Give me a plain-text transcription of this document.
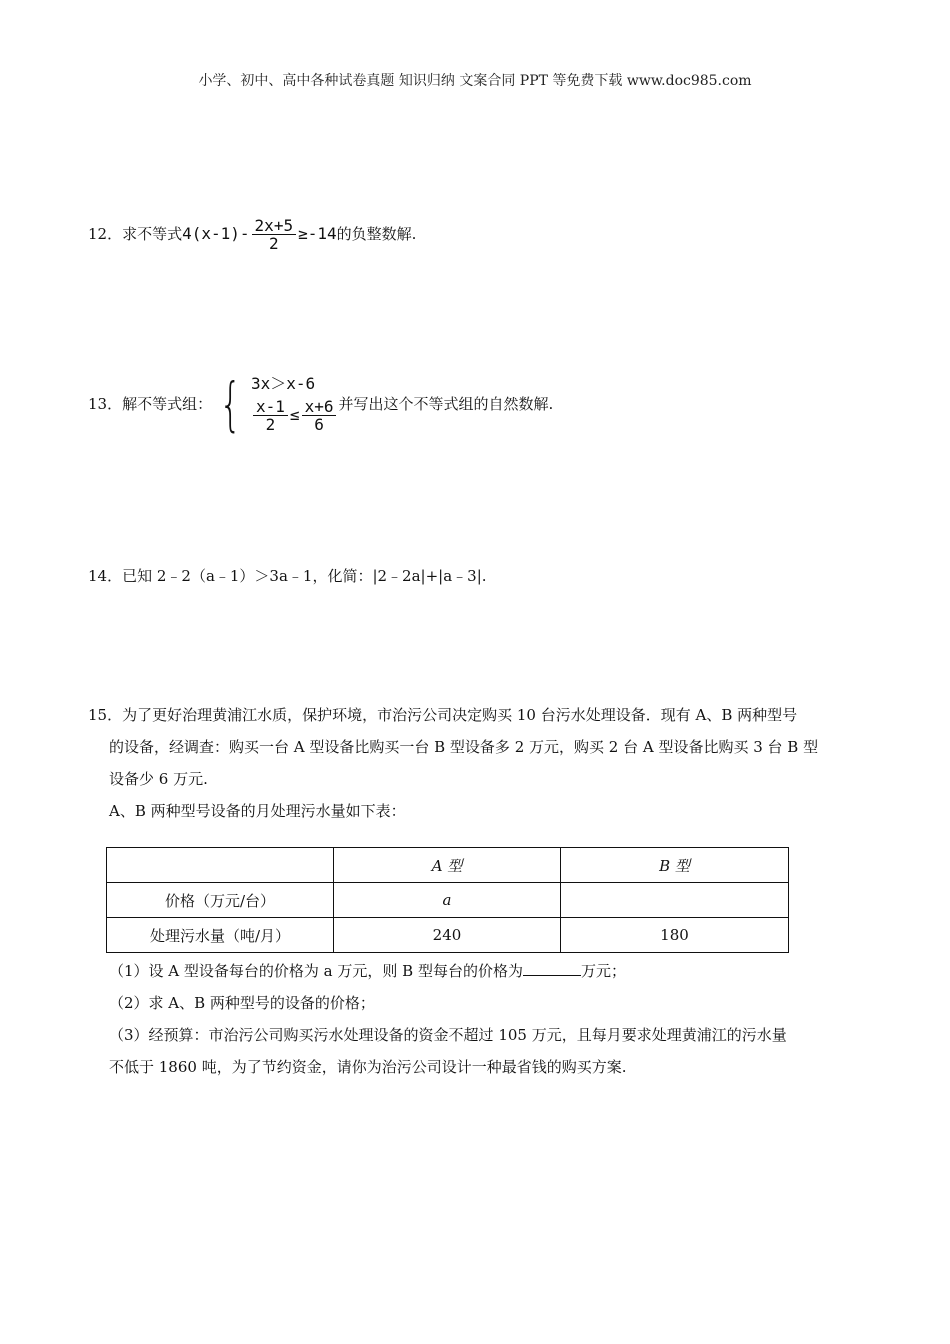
小学、初中、高中各种试卷真题 知识归纳 文案合同 PPT 等免费下载 www.doc985.com
12．求不等式$4(x-1)- \frac{2x+5}{2} \ge-14$的负整数解.
13． 解不等式组： { 3x＞x-6
$\frac{x-1}{2} \le \frac{x+6}{6}$ 并写出这个不等式组的自然数解.
14．已知 2﹣2（a﹣1）＞3a﹣1，化简：|2﹣2a|+|a﹣3|.
15．为了更好治理黄浦江水质，保护环境，市治污公司决定购买 10 台污水处理设备．现有 A、B 两种型号
的设备，经调查：购买一台 A 型设备比购买一台 B 型设备多 2 万元，购买 2 台 A 型设备比购买 3 台 B 型
设备少 6 万元.
A、B 两种型号设备的月处理污水量如下表：
	A 型	B 型
价格（万元/台）	a	
处理污水量（吨/月）	240	180
（1）设 A 型设备每台的价格为 a 万元，则 B 型每台的价格为	万元；
（2）求 A、B 两种型号的设备的价格；
（3）经预算：市治污公司购买污水处理设备的资金不超过 105 万元，且每月要求处理黄浦江的污水量
不低于 1860 吨，为了节约资金，请你为治污公司设计一种最省钱的购买方案.
